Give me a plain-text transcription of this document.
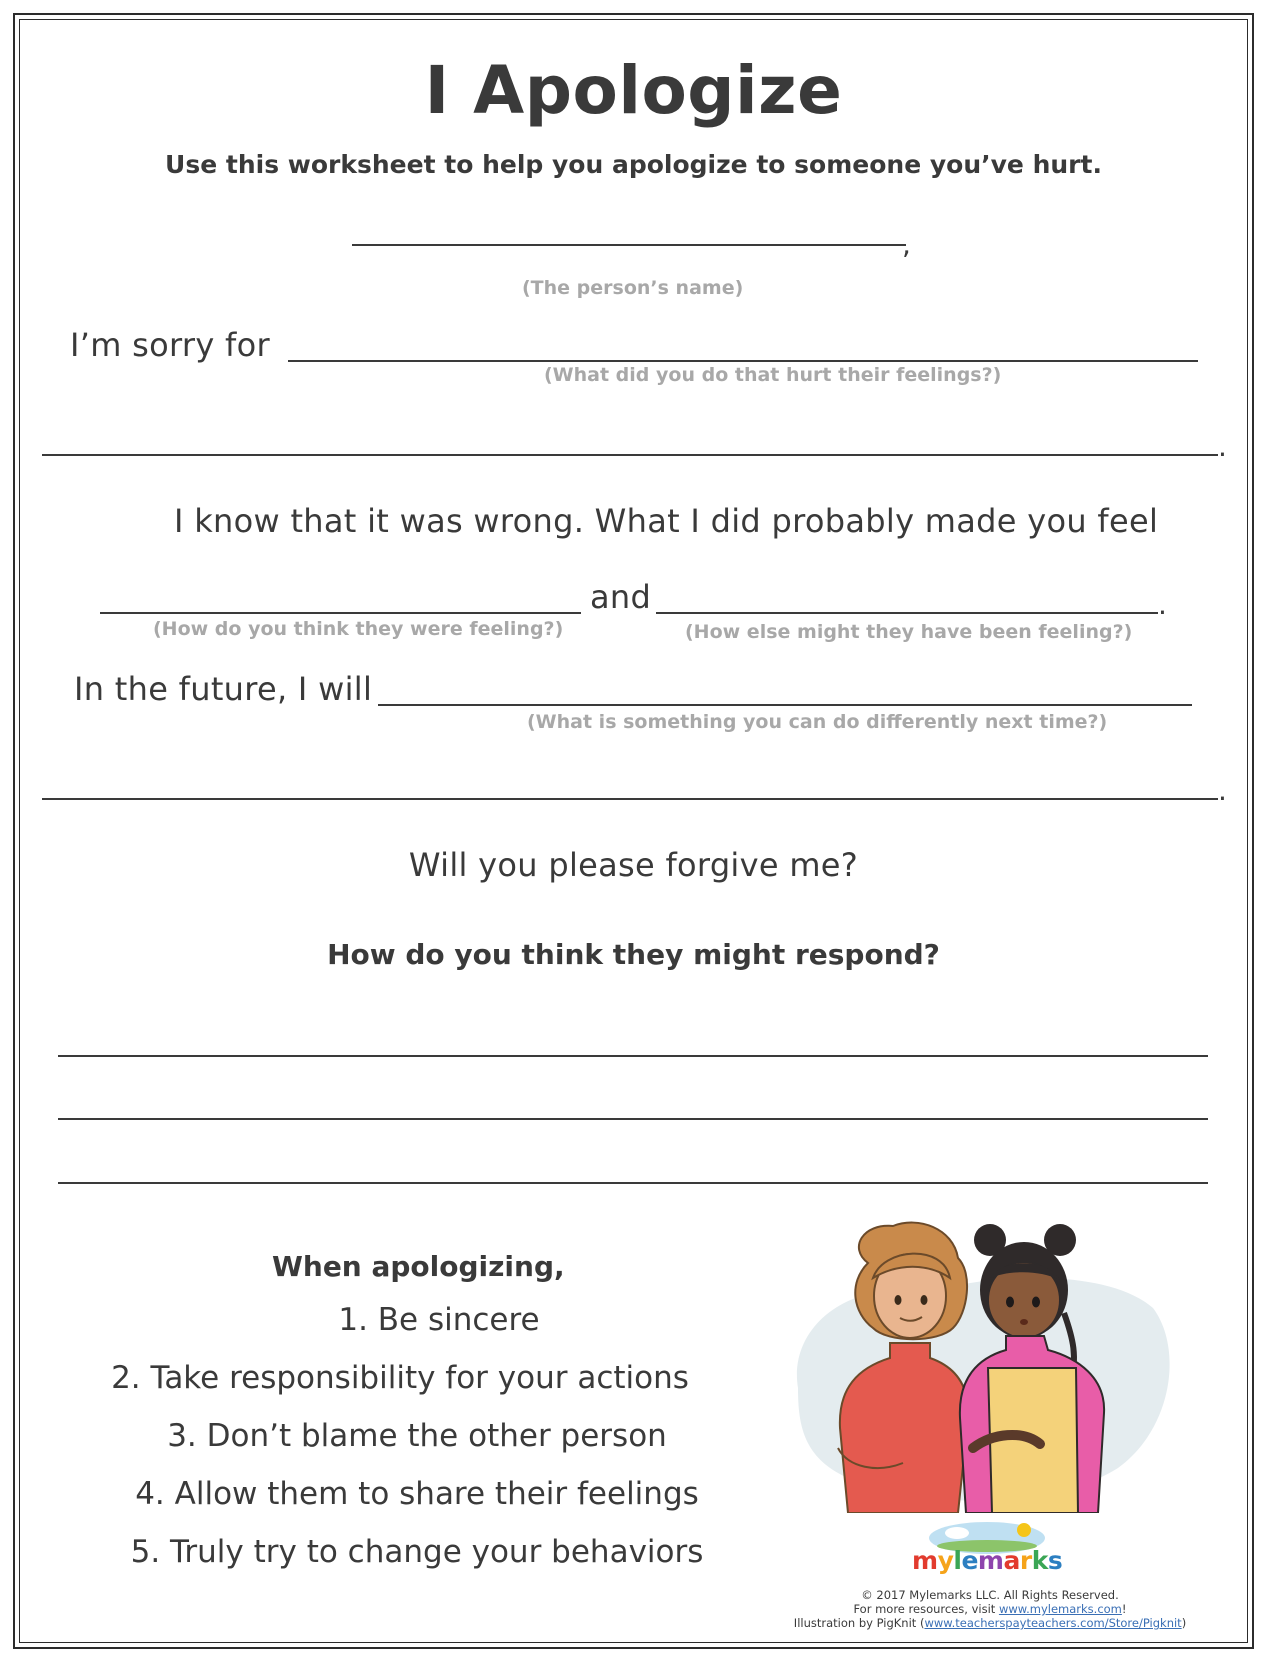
I Apologize
Use this worksheet to help you apologize to someone you’ve hurt.
,
(The person’s name)
I’m sorry for
(What did you do that hurt their feelings?)
.
I know that it was wrong. What I did probably made you feel
and	.
(How do you think they were feeling?)	(How else might they have been feeling?)
In the future, I will
(What is something you can do differently next time?)
.
Will you please forgive me?
How do you think they might respond?
When apologizing,
1. Be sincere
2. Take responsibility for your actions
3. Don’t blame the other person
4. Allow them to share their feelings
5. Truly try to change your behaviors	mylemarks
© 2017 Mylemarks LLC. All Rights Reserved.
For more resources, visit www.mylemarks.com!
Illustration by PigKnit (www.teacherspayteachers.com/Store/Pigknit)
